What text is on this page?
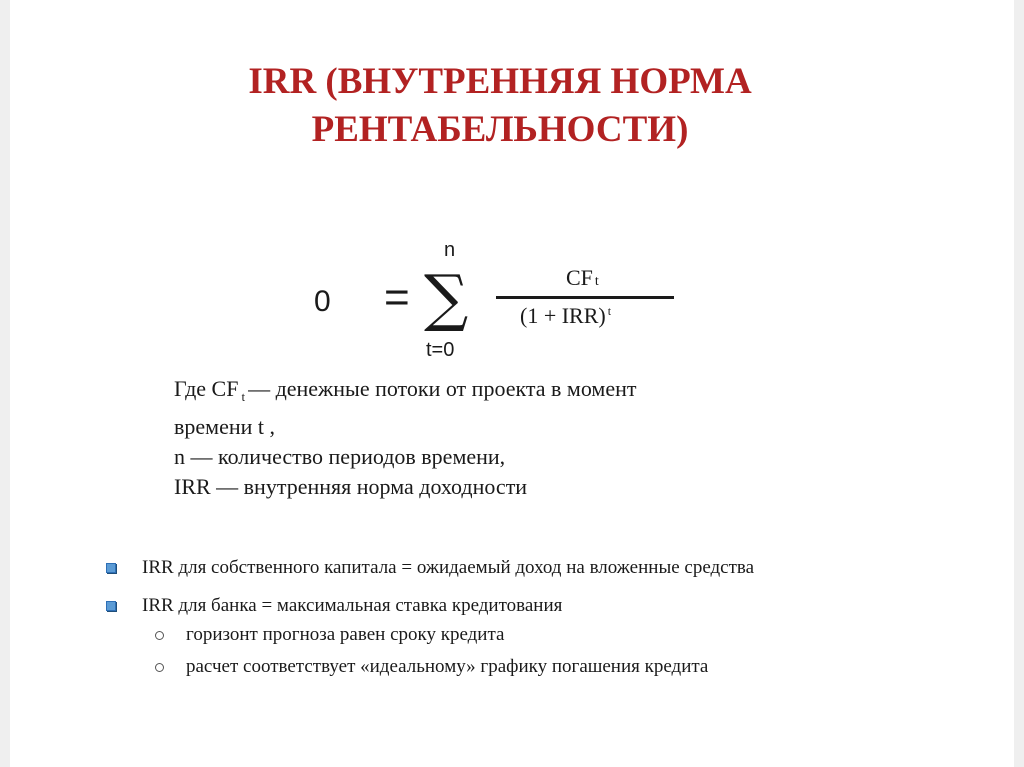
IRR (ВНУТРЕННЯЯ НОРМА РЕНТАБЕЛЬНОСТИ)
0 =
n
∑
t=0
CF t
(1 + IRR) $^t$
Где CF $_t$ — денежные потоки от проекта в момент
времени t ,
n — количество периодов времени,
IRR — внутренняя норма доходности
IRR для собственного капитала = ожидаемый доход на вложенные средства
IRR для банка = максимальная ставка кредитования
горизонт прогноза равен сроку кредита
расчет соответствует «идеальному» графику погашения кредита
